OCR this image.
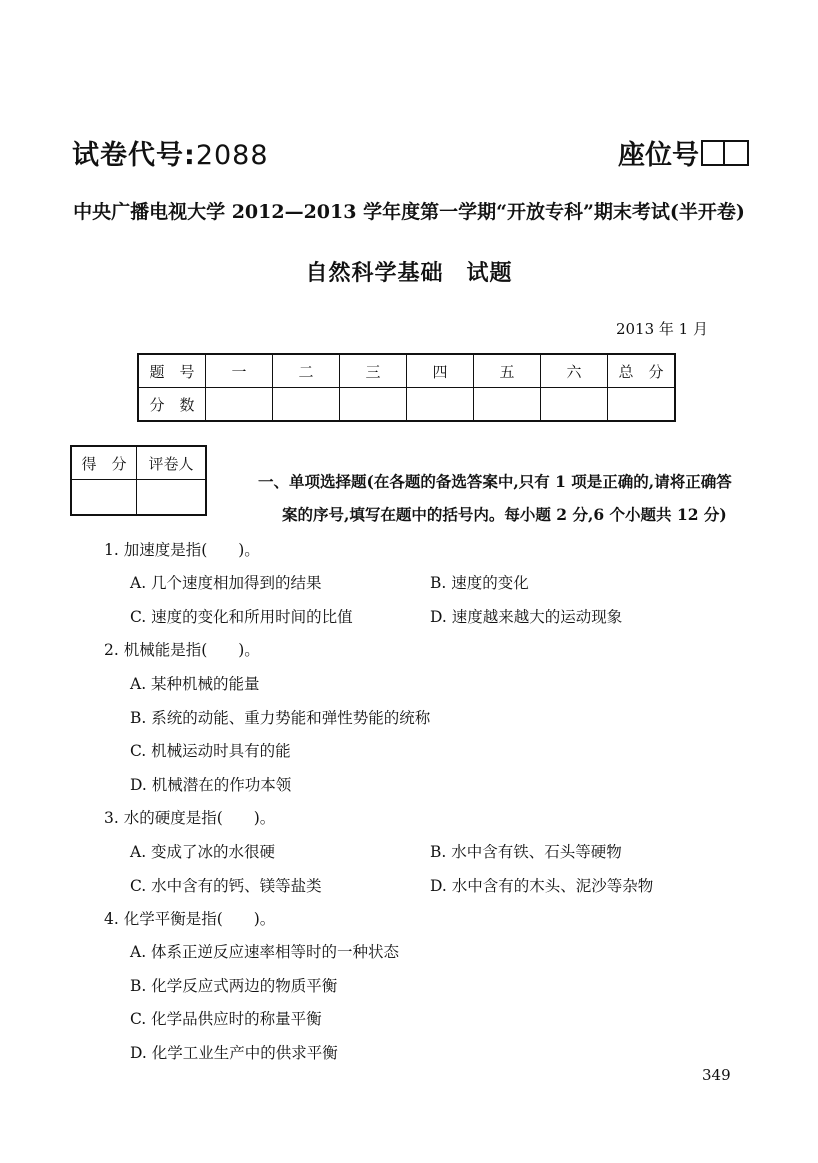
试卷代号:2088	座位号
中央广播电视大学 2012—2013 学年度第一学期“开放专科”期末考试(半开卷)
自然科学基础　试题
2013 年 1 月
题　号	一	二	三	四	五	六	总　分
分　数							
得　分	评卷人

一、单项选择题(在各题的备选答案中,只有 1 项是正确的,请将正确答
案的序号,填写在题中的括号内。每小题 2 分,6 个小题共 12 分)
1. 加速度是指(　　)。
A. 几个速度相加得到的结果	B. 速度的变化
C. 速度的变化和所用时间的比值	D. 速度越来越大的运动现象
2. 机械能是指(　　)。
A. 某种机械的能量
B. 系统的动能、重力势能和弹性势能的统称
C. 机械运动时具有的能
D. 机械潜在的作功本领
3. 水的硬度是指(　　)。
A. 变成了冰的水很硬	B. 水中含有铁、石头等硬物
C. 水中含有的钙、镁等盐类	D. 水中含有的木头、泥沙等杂物
4. 化学平衡是指(　　)。
A. 体系正逆反应速率相等时的一种状态
B. 化学反应式两边的物质平衡
C. 化学品供应时的称量平衡
D. 化学工业生产中的供求平衡
349
